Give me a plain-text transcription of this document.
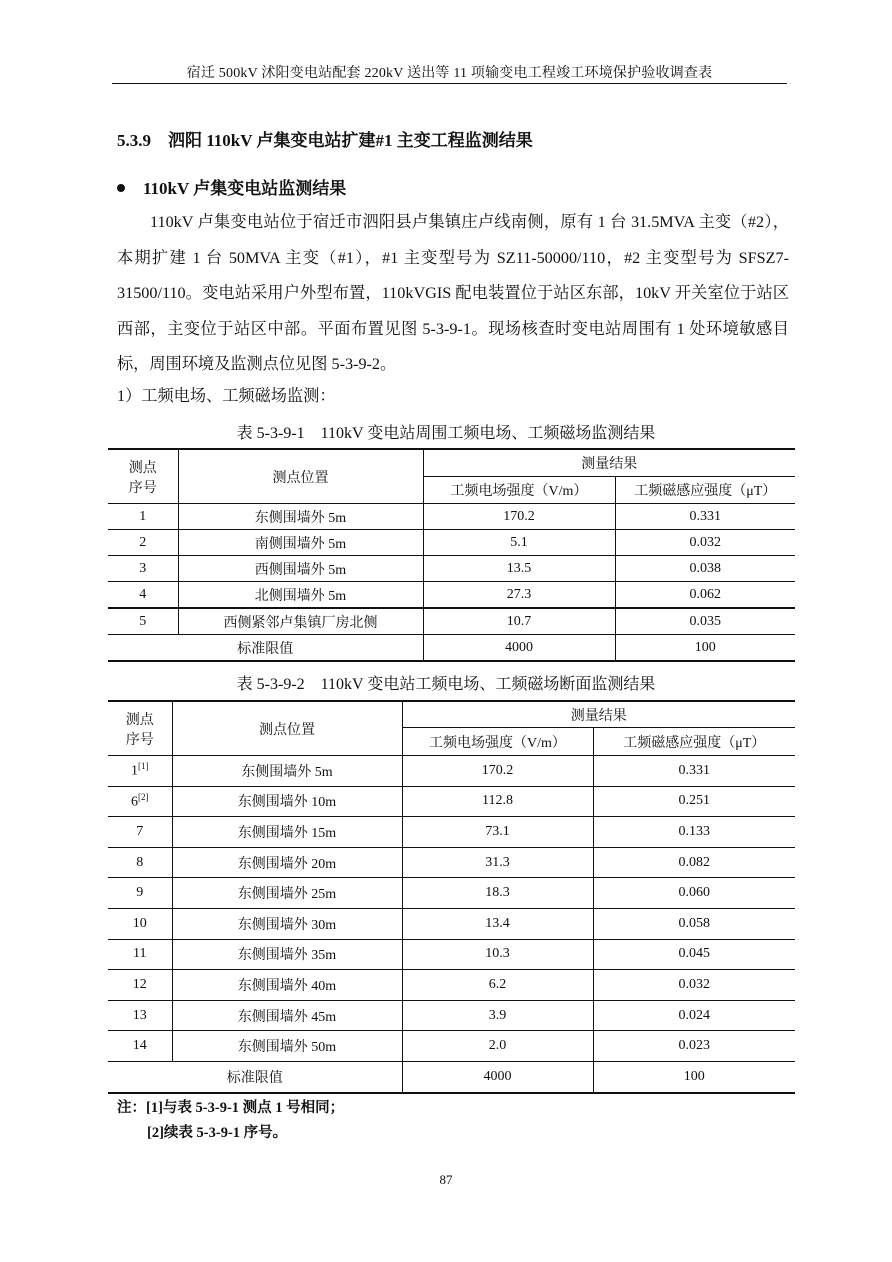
宿迁 500kV 沭阳变电站配套 220kV 送出等 11 项输变电工程竣工环境保护验收调查表
5.3.9　泗阳 110kV 卢集变电站扩建#1 主变工程监测结果
110kV 卢集变电站监测结果
110kV 卢集变电站位于宿迁市泗阳县卢集镇庄卢线南侧，原有 1 台 31.5MVA 主变（#2），本期扩建 1 台 50MVA 主变（#1），#1 主变型号为 SZ11-50000/110，#2 主变型号为 SFSZ7-31500/110。变电站采用户外型布置，110kVGIS 配电装置位于站区东部，10kV 开关室位于站区西部，主变位于站区中部。平面布置见图 5-3-9-1。现场核查时变电站周围有 1 处环境敏感目标，周围环境及监测点位见图 5-3-9-2。
1）工频电场、工频磁场监测：
表 5-3-9-1　110kV 变电站周围工频电场、工频磁场监测结果
测点
序号	测点位置	测量结果	
		工频电场强度（V/m）	工频磁感应强度（μT）
1	东侧围墙外 5m	170.2	0.331
2	南侧围墙外 5m	5.1	0.032
3	西侧围墙外 5m	13.5	0.038
4	北侧围墙外 5m	27.3	0.062
5	西侧紧邻卢集镇厂房北侧	10.7	0.035
标准限值		4000	100
表 5-3-9-2　110kV 变电站工频电场、工频磁场断面监测结果
测点
序号	测点位置	测量结果	
		工频电场强度（V/m）	工频磁感应强度（μT）
1[1]	东侧围墙外 5m	170.2	0.331
6[2]	东侧围墙外 10m	112.8	0.251
7	东侧围墙外 15m	73.1	0.133
8	东侧围墙外 20m	31.3	0.082
9	东侧围墙外 25m	18.3	0.060
10	东侧围墙外 30m	13.4	0.058
11	东侧围墙外 35m	10.3	0.045
12	东侧围墙外 40m	6.2	0.032
13	东侧围墙外 45m	3.9	0.024
14	东侧围墙外 50m	2.0	0.023
标准限值		4000	100
注：[1]与表 5-3-9-1 测点 1 号相同；
[2]续表 5-3-9-1 序号。
87
